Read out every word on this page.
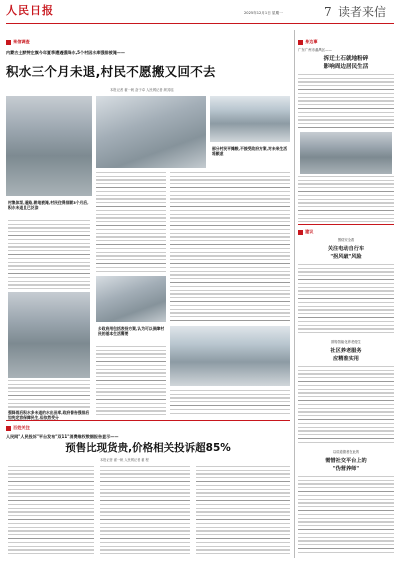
人民日报	2025年12月1日 星期一	7 读者来信
来信调查
内蒙古土默特左旗今年夏季遭遇强降水,5个村因水库强排被淹——
积水三个月未退,村民不愿搬又回不去
本报记者 翟一帆 奋于卓 人民网记者 颜其瑶
部分村民平摊粮,不接受政府方案,对未来生活将颇虑
村集体泵,道路,耕地被淹,村民住得排顺3个月后,积水未退且已泛涂
强降雨后积水多未退的水出田库,政府普告强排后如宪定容保障民生,但依然受分
乡政府用包括表扬方案,认为可以保障村民的基本生活需要
百姓关注
人民网"人民投诉"平台发布"双11"消费维权数据报告显示——
预售比现货贵,价格相关投诉超85%
本报记者 翟一帆 人民网记者 翟 程
身边事
广东广州市番禺区——
拆迁土石就地粉碎
影响周边居民生活
建议
围绕安全看
关注电动自行车
"拐风破"风险
期待智能化养老便生
社区养老服务
应精准实用
以讲道德者在此的
需惜社交平台上的
"伪营养师"
